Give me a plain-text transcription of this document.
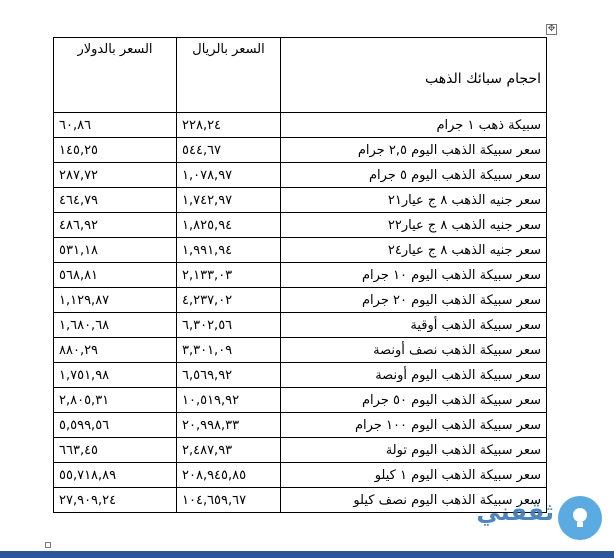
✥
السعر بالدولار	السعر بالريال	احجام سبائك الذهب
٦٠,٨٦	٢٢٨,٢٤	سبيكة ذهب ١ جرام
١٤٥,٢٥	٥٤٤,٦٧	سعر سبيكة الذهب اليوم ٢,٥ جرام
٢٨٧,٧٢	١,٠٧٨,٩٧	سعر سبيكة الذهب اليوم ٥ جرام
٤٦٤,٧٩	١,٧٤٢,٩٧	سعر جنيه الذهب ٨ ج عيار٢١
٤٨٦,٩٢	١,٨٢٥,٩٤	سعر جنيه الذهب ٨ ج عيار٢٢
٥٣١,١٨	١,٩٩١,٩٤	سعر جنيه الذهب ٨ ج عيار٢٤
٥٦٨,٨١	٢,١٣٣,٠٣	سعر سبيكة الذهب اليوم ١٠ جرام
١,١٢٩,٨٧	٤,٢٣٧,٠٢	سعر سبيكة الذهب اليوم ٢٠ جرام
١,٦٨٠,٦٨	٦,٣٠٢,٥٦	سعر سبيكة الذهب أوقية
٨٨٠,٢٩	٣,٣٠١,٠٩	سعر سبيكة الذهب نصف أونصة
١,٧٥١,٩٨	٦,٥٦٩,٩٢	سعر سبيكة الذهب اليوم أونصة
٢,٨٠٥,٣١	١٠,٥١٩,٩٢	سعر سبيكة الذهب اليوم ٥٠ جرام
٥,٥٩٩,٥٦	٢٠,٩٩٨,٣٣	سعر سبيكة الذهب اليوم ١٠٠ جرام
٦٦٣,٤٥	٢,٤٨٧,٩٣	سعر سبيكة الذهب اليوم تولة
٥٥,٧١٨,٨٩	٢٠٨,٩٤٥,٨٥	سعر سبيكة الذهب اليوم ١ كيلو
٢٧,٩٠٩,٢٤	١٠٤,٦٥٩,٦٧	سعر سبيكة الذهب اليوم نصف كيلو
ثقفني
